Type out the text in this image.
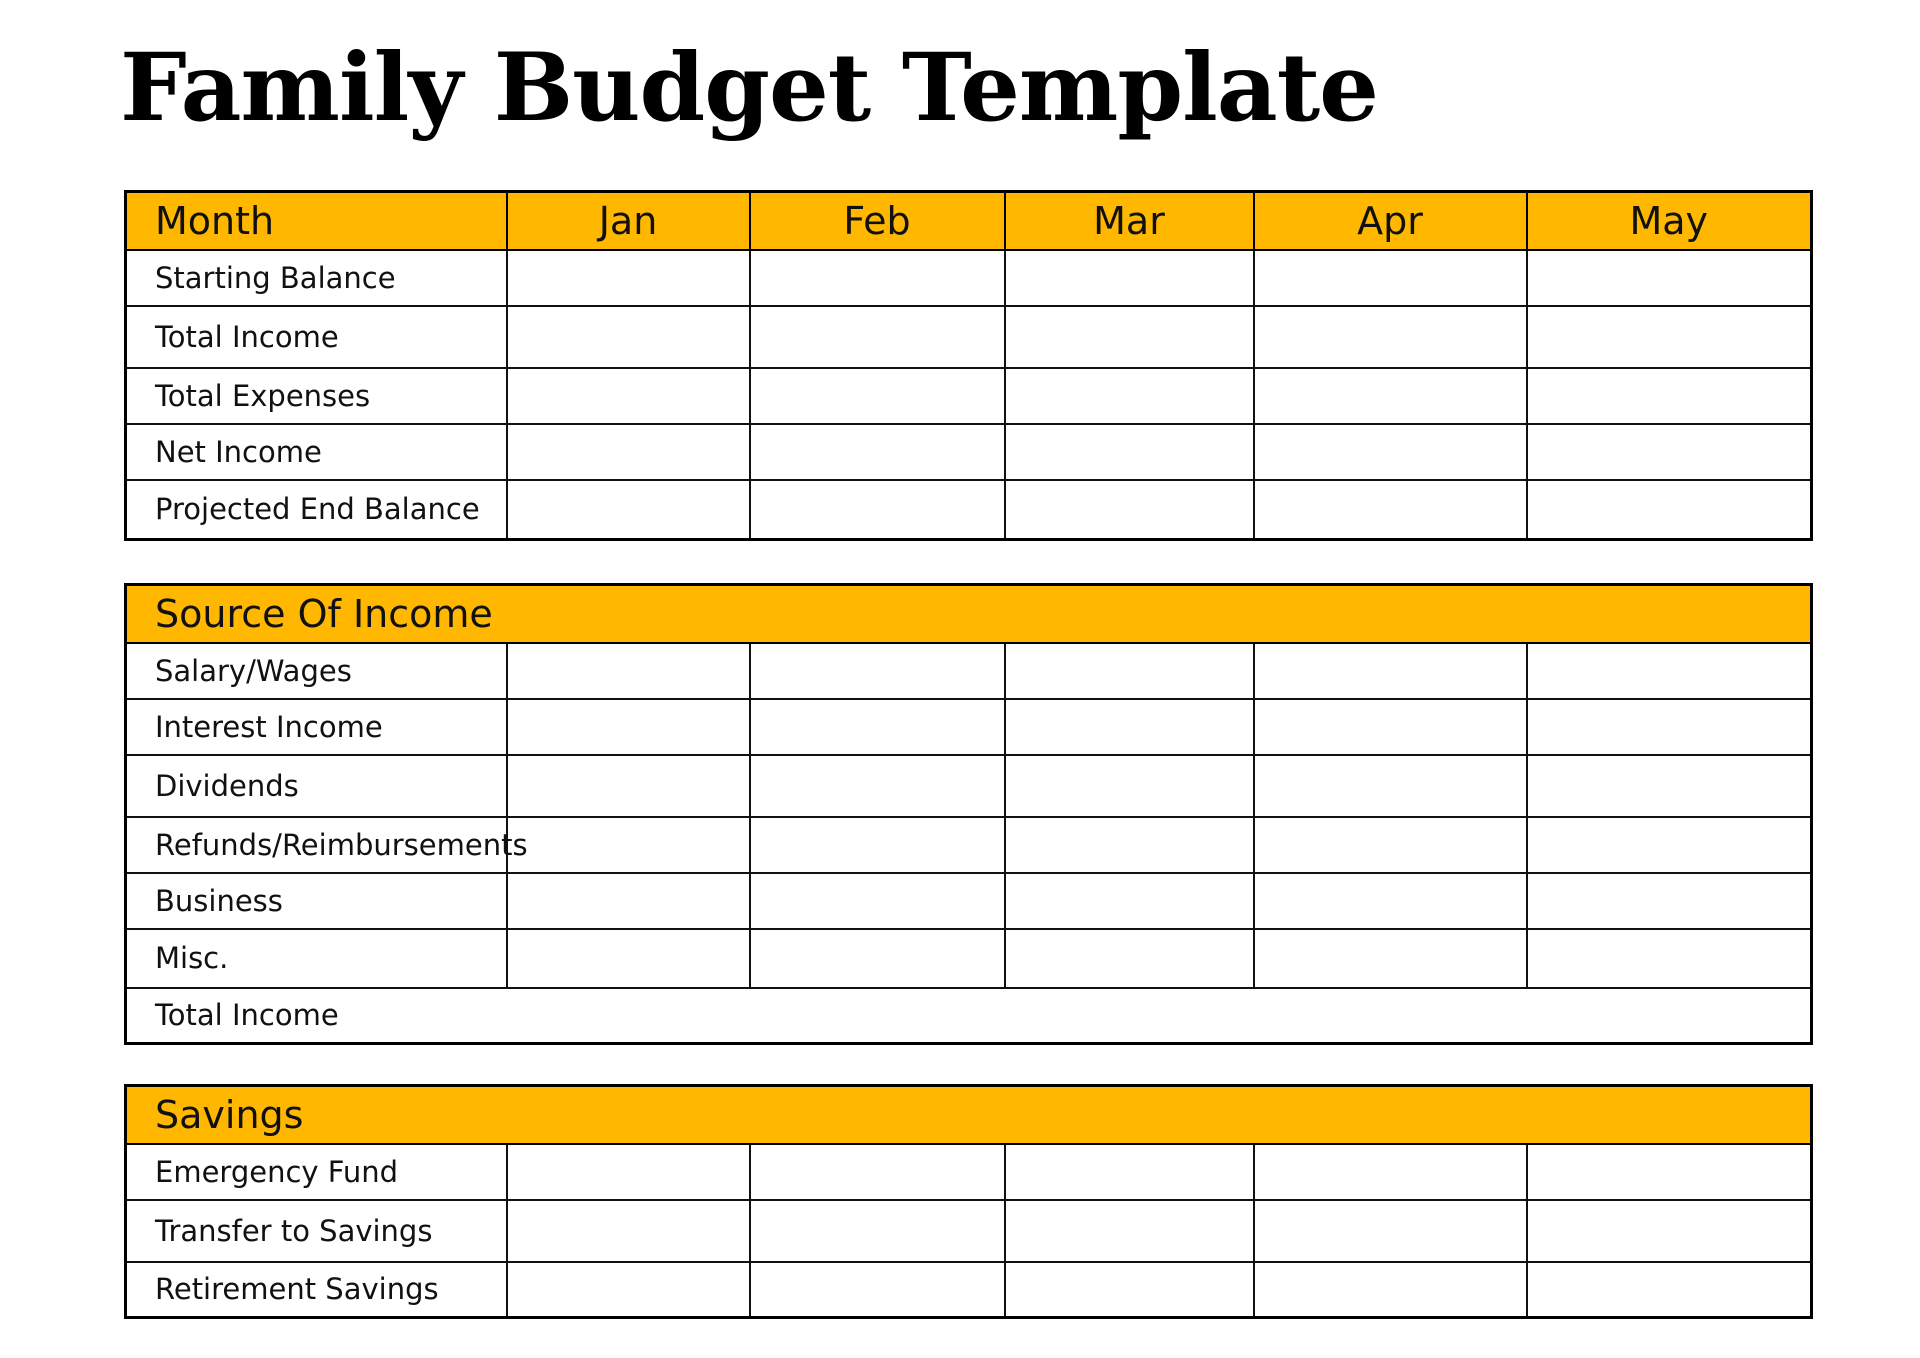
Family Budget Template
Month	Jan	Feb	Mar	Apr	May
Starting Balance					
Total Income					
Total Expenses					
Net Income					
Projected End Balance					
Source Of Income					
Salary/Wages					
Interest Income					
Dividends					
Refunds/Reimbursements					
Business					
Misc.					
Total Income					
Savings					
Emergency Fund					
Transfer to Savings					
Retirement Savings					
